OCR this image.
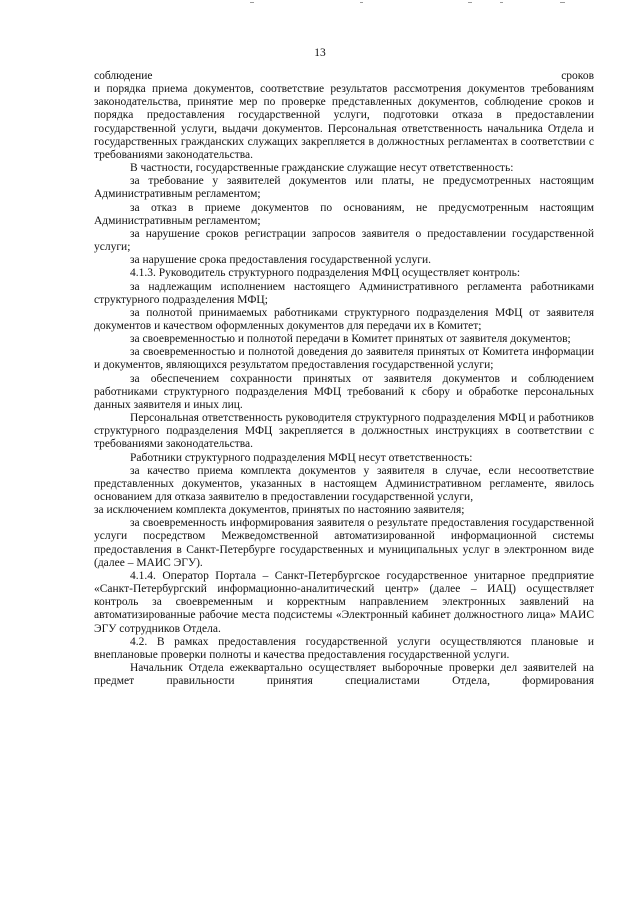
13

соблюдение сроков

и порядка приема документов, соответствие результатов рассмотрения документов требованиям законодательства, принятие мер по проверке представленных документов, соблюдение сроков и порядка предоставления государственной услуги, подготовки отказа в предоставлении государственной услуги, выдачи документов. Персональная ответственность начальника Отдела и государственных гражданских служащих закрепляется в должностных регламентах в соответствии с требованиями законодательства.

В частности, государственные гражданские служащие несут ответственность:

за требование у заявителей документов или платы, не предусмотренных настоящим Административным регламентом;

за отказ в приеме документов по основаниям, не предусмотренным настоящим Административным регламентом;

за нарушение сроков регистрации запросов заявителя о предоставлении государственной услуги;

за нарушение срока предоставления государственной услуги.

4.1.3. Руководитель структурного подразделения МФЦ осуществляет контроль:

за надлежащим исполнением настоящего Административного регламента работниками структурного подразделения МФЦ;

за полнотой принимаемых работниками структурного подразделения МФЦ от заявителя документов и качеством оформленных документов для передачи их в Комитет;

за своевременностью и полнотой передачи в Комитет принятых от заявителя документов;

за своевременностью и полнотой доведения до заявителя принятых от Комитета информации и документов, являющихся результатом предоставления государственной услуги;

за обеспечением сохранности принятых от заявителя документов и соблюдением работниками структурного подразделения МФЦ требований к сбору и обработке персональных данных заявителя и иных лиц.

Персональная ответственность руководителя структурного подразделения МФЦ и работников структурного подразделения МФЦ закрепляется в должностных инструкциях в соответствии с требованиями законодательства.

Работники структурного подразделения МФЦ несут ответственность:

за качество приема комплекта документов у заявителя в случае, если несоответствие представленных документов, указанных в настоящем Административном регламенте, явилось основанием для отказа заявителю в предоставлении государственной услуги,

за исключением комплекта документов, принятых по настоянию заявителя;

за своевременность информирования заявителя о результате предоставления государственной услуги посредством Межведомственной автоматизированной информационной системы предоставления в Санкт-Петербурге государственных и муниципальных услуг в электронном виде (далее – МАИС ЭГУ).

4.1.4. Оператор Портала – Санкт-Петербургское государственное унитарное предприятие «Санкт-Петербургский информационно-аналитический центр» (далее – ИАЦ) осуществляет контроль за своевременным и корректным направлением электронных заявлений на автоматизированные рабочие места подсистемы «Электронный кабинет должностного лица» МАИС ЭГУ сотрудников Отдела.

4.2. В рамках предоставления государственной услуги осуществляются плановые и внеплановые проверки полноты и качества предоставления государственной услуги.

Начальник Отдела ежеквартально осуществляет выборочные проверки дел заявителей на предмет правильности принятия специалистами Отдела, формирования
